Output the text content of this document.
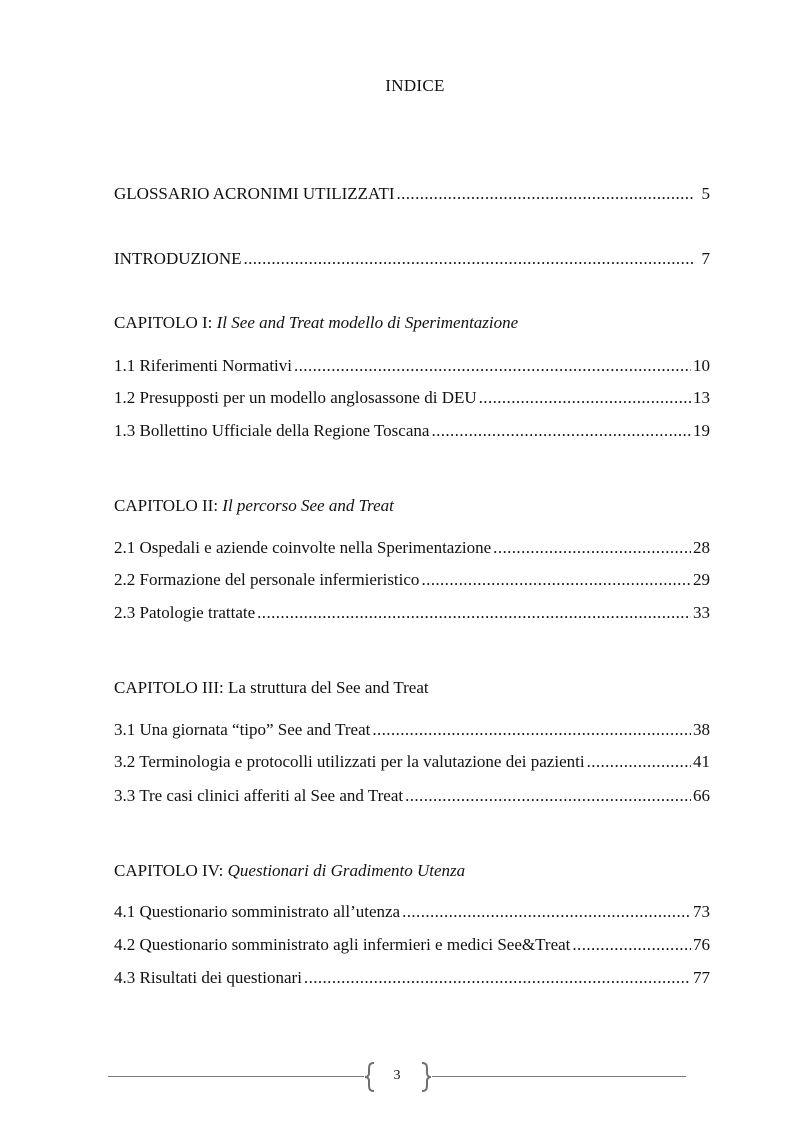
INDICE
GLOSSARIO ACRONIMI UTILIZZATI .....	5
INTRODUZIONE .....	7
CAPITOLO I: Il See and Treat modello di Sperimentazione
1.1 Riferimenti Normativi .....	10
1.2 Presupposti per un modello anglosassone di DEU .....	13
1.3 Bollettino Ufficiale della Regione Toscana .....	19
CAPITOLO II: Il percorso See and Treat
2.1 Ospedali e aziende coinvolte nella Sperimentazione .....	28
2.2 Formazione del personale infermieristico .....	29
2.3 Patologie trattate .....	33
CAPITOLO III: La struttura del See and Treat
3.1 Una giornata “tipo” See and Treat .....	38
3.2 Terminologia e protocolli utilizzati per la valutazione dei pazienti .....	41
3.3 Tre casi clinici afferiti al See and Treat .....	66
CAPITOLO IV: Questionari di Gradimento Utenza
4.1 Questionario somministrato all’utenza .....	73
4.2 Questionario somministrato agli infermieri e medici See&Treat .....	76
4.3 Risultati dei questionari .....	77
3
